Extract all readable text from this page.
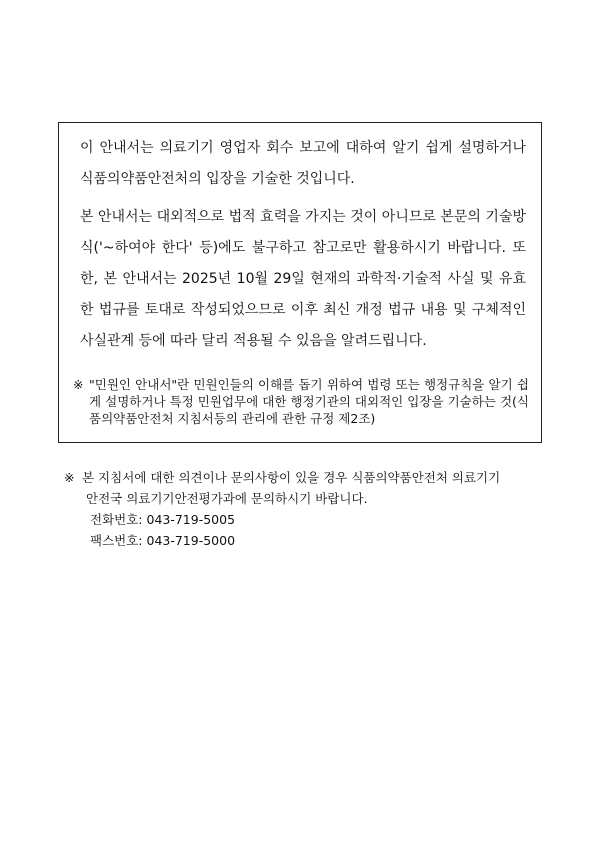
이 안내서는 의료기기 영업자 회수 보고에 대하여 알기 쉽게 설명하거나 식품의약품안전처의 입장을 기술한 것입니다.

본 안내서는 대외적으로 법적 효력을 가지는 것이 아니므로 본문의 기술방식('~하여야 한다' 등)에도 불구하고 참고로만 활용하시기 바랍니다. 또한, 본 안내서는 2025년 10월 29일 현재의 과학적·기술적 사실 및 유효한 법규를 토대로 작성되었으므로 이후 최신 개정 법규 내용 및 구체적인 사실관계 등에 따라 달리 적용될 수 있음을 알려드립니다.

※ "민원인 안내서"란 민원인들의 이해를 돕기 위하여 법령 또는 행정규칙을 알기 쉽게 설명하거나 특정 민원업무에 대한 행정기관의 대외적인 입장을 기술하는 것(식품의약품안전처 지침서등의 관리에 관한 규정 제2조)
※ 본 지침서에 대한 의견이나 문의사항이 있을 경우 식품의약품안전처 의료기기
안전국 의료기기안전평가과에 문의하시기 바랍니다.
전화번호: 043-719-5005
팩스번호: 043-719-5000
